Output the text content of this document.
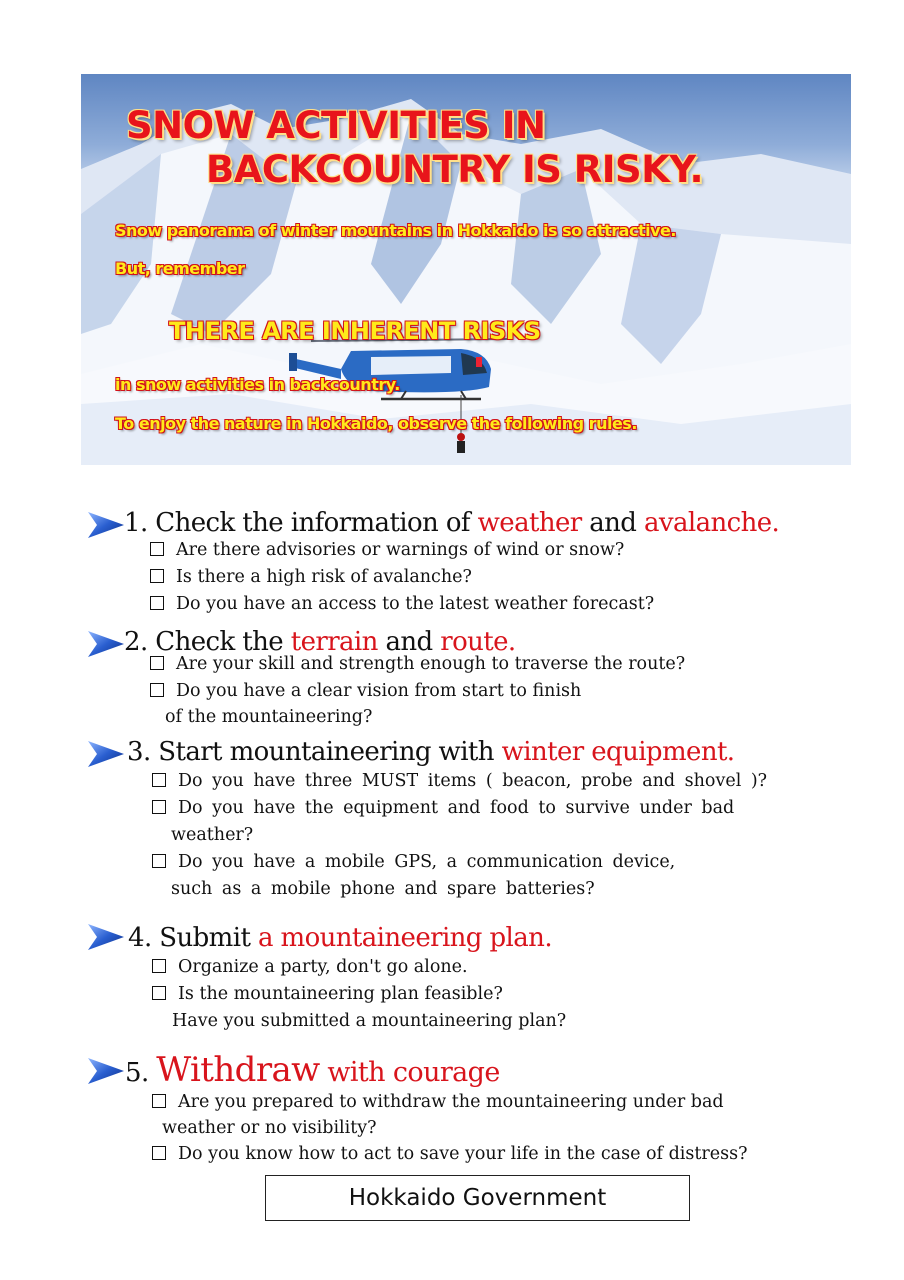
SNOW ACTIVITIES IN

BACKCOUNTRY IS RISKY.

Snow panorama of winter mountains in Hokkaido is so attractive.

But, remember

THERE ARE INHERENT RISKS

in snow activities in backcountry.

To enjoy the nature in Hokkaido, observe the following rules.

1. Check the information of weather and avalanche.

Are there advisories or warnings of wind or snow?

Is there a high risk of avalanche?

Do you have an access to the latest weather forecast?

2. Check the terrain and route.

Are your skill and strength enough to traverse the route?

Do you have a clear vision from start to finish

of the mountaineering?

3. Start mountaineering with winter equipment.

Do you have three MUST items ( beacon, probe and shovel )?

Do you have the equipment and food to survive under bad

weather?

Do you have a mobile GPS, a communication device,

such as a mobile phone and spare batteries?

4. Submit a mountaineering plan.

Organize a party, don't go alone.

Is the mountaineering plan feasible?

Have you submitted a mountaineering plan?

5. Withdraw with courage

Are you prepared to withdraw the mountaineering under bad

weather or no visibility?

Do you know how to act to save your life in the case of distress?

Hokkaido Government
